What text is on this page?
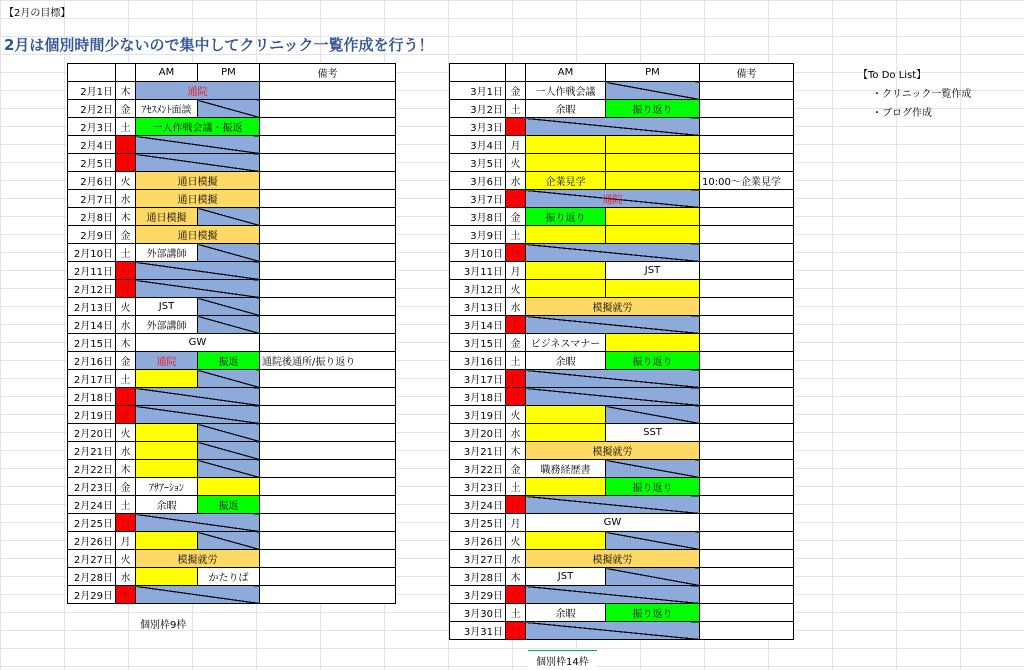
【2月の目標】
2月は個別時間少ないので集中してクリニック一覧作成を行う！
		AM	PM	備考
2月1日	木	通院		
2月2日	金	ｱｾｽﾒﾝﾄ面談		
2月3日	土	一人作戦会議・振返		
2月4日	日			
2月5日	月			
2月6日	火	通日模擬		
2月7日	水	通日模擬		
2月8日	木	通日模擬		
2月9日	金	通日模擬		
2月10日	土	外部講師		
2月11日	日			
2月12日	月			
2月13日	火	JST		
2月14日	水	外部講師		
2月15日	木	GW		
2月16日	金	通院	振返	通院後通所/振り返り
2月17日	土			
2月18日	日			
2月19日	月			
2月20日	火			
2月21日	水			
2月22日	木			
2月23日	金	ｱｻｱｰｼｮﾝ		
2月24日	土	余暇	振返	
2月25日	日			
2月26日	月			
2月27日	火	模擬就労		
2月28日	水		かたりば	
2月29日	木			
		AM	PM	備考
3月1日	金	一人作戦会議		
3月2日	土	余暇	振り返り	
3月3日	日			
3月4日	月			
3月5日	火			
3月6日	水	企業見学		10:00～企業見学
3月7日	木	通院		
3月8日	金	振り返り		
3月9日	土			
3月10日	日			
3月11日	月		JST	
3月12日	火			
3月13日	水	模擬就労		
3月14日	木			
3月15日	金	ビジネスマナー		
3月16日	土	余暇	振り返り	
3月17日	日			
3月18日	月			
3月19日	火			
3月20日	水		SST	
3月21日	木	模擬就労		
3月22日	金	職務経歴書		
3月23日	土		振り返り	
3月24日	日			
3月25日	月	GW		
3月26日	火			
3月27日	水	模擬就労		
3月28日	木	JST		
3月29日	金			
3月30日	土	余暇	振り返り	
3月31日	日			
【To Do List】
・クリニック一覧作成
・ブログ作成
個別枠9枠
個別枠14枠
